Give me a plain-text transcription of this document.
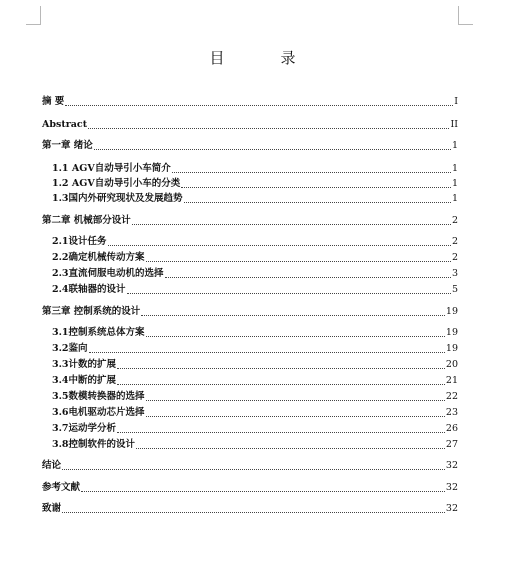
目	录
摘 要	I
Abstract	II
第一章 绪论	1
1.1 AGV自动导引小车简介	1
1.2 AGV自动导引小车的分类	1
1.3国内外研究现状及发展趋势	1
第二章 机械部分设计	2
2.1设计任务	2
2.2确定机械传动方案	2
2.3直流伺服电动机的选择	3
2.4联轴器的设计	5
第三章 控制系统的设计	19
3.1控制系统总体方案	19
3.2鉴向	19
3.3计数的扩展	20
3.4中断的扩展	21
3.5数模转换器的选择	22
3.6电机驱动芯片选择	23
3.7运动学分析	26
3.8控制软件的设计	27
结论	32
参考文献	32
致谢	32
